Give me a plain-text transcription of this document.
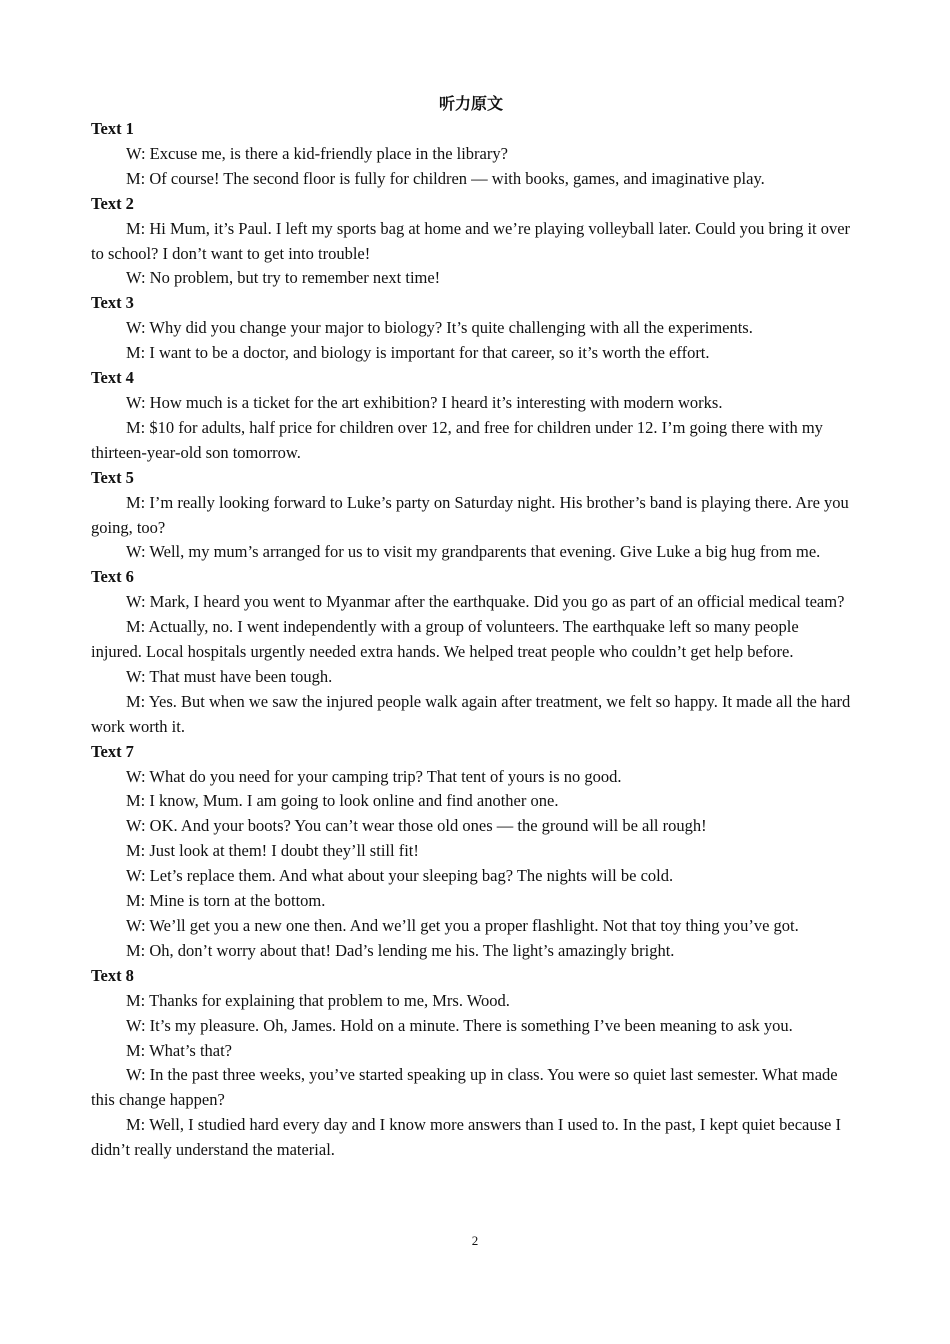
听力原文
Text 1
W: Excuse me, is there a kid-friendly place in the library?
M: Of course! The second floor is fully for children — with books, games, and imaginative play.
Text 2
M: Hi Mum, it’s Paul. I left my sports bag at home and we’re playing volleyball later. Could you bring it over to school? I don’t want to get into trouble!
W: No problem, but try to remember next time!
Text 3
W: Why did you change your major to biology? It’s quite challenging with all the experiments.
M: I want to be a doctor, and biology is important for that career, so it’s worth the effort.
Text 4
W: How much is a ticket for the art exhibition? I heard it’s interesting with modern works.
M: $10 for adults, half price for children over 12, and free for children under 12. I’m going there with my thirteen-year-old son tomorrow.
Text 5
M: I’m really looking forward to Luke’s party on Saturday night. His brother’s band is playing there. Are you going, too?
W: Well, my mum’s arranged for us to visit my grandparents that evening. Give Luke a big hug from me.
Text 6
W: Mark, I heard you went to Myanmar after the earthquake. Did you go as part of an official medical team?
M: Actually, no. I went independently with a group of volunteers. The earthquake left so many people injured. Local hospitals urgently needed extra hands. We helped treat people who couldn’t get help before.
W: That must have been tough.
M: Yes. But when we saw the injured people walk again after treatment, we felt so happy. It made all the hard work worth it.
Text 7
W: What do you need for your camping trip? That tent of yours is no good.
M: I know, Mum. I am going to look online and find another one.
W: OK. And your boots? You can’t wear those old ones — the ground will be all rough!
M: Just look at them! I doubt they’ll still fit!
W: Let’s replace them. And what about your sleeping bag? The nights will be cold.
M: Mine is torn at the bottom.
W: We’ll get you a new one then. And we’ll get you a proper flashlight. Not that toy thing you’ve got.
M: Oh, don’t worry about that! Dad’s lending me his. The light’s amazingly bright.
Text 8
M: Thanks for explaining that problem to me, Mrs. Wood.
W: It’s my pleasure. Oh, James. Hold on a minute. There is something I’ve been meaning to ask you.
M: What’s that?
W: In the past three weeks, you’ve started speaking up in class. You were so quiet last semester. What made this change happen?
M: Well, I studied hard every day and I know more answers than I used to. In the past, I kept quiet because I didn’t really understand the material.
2
